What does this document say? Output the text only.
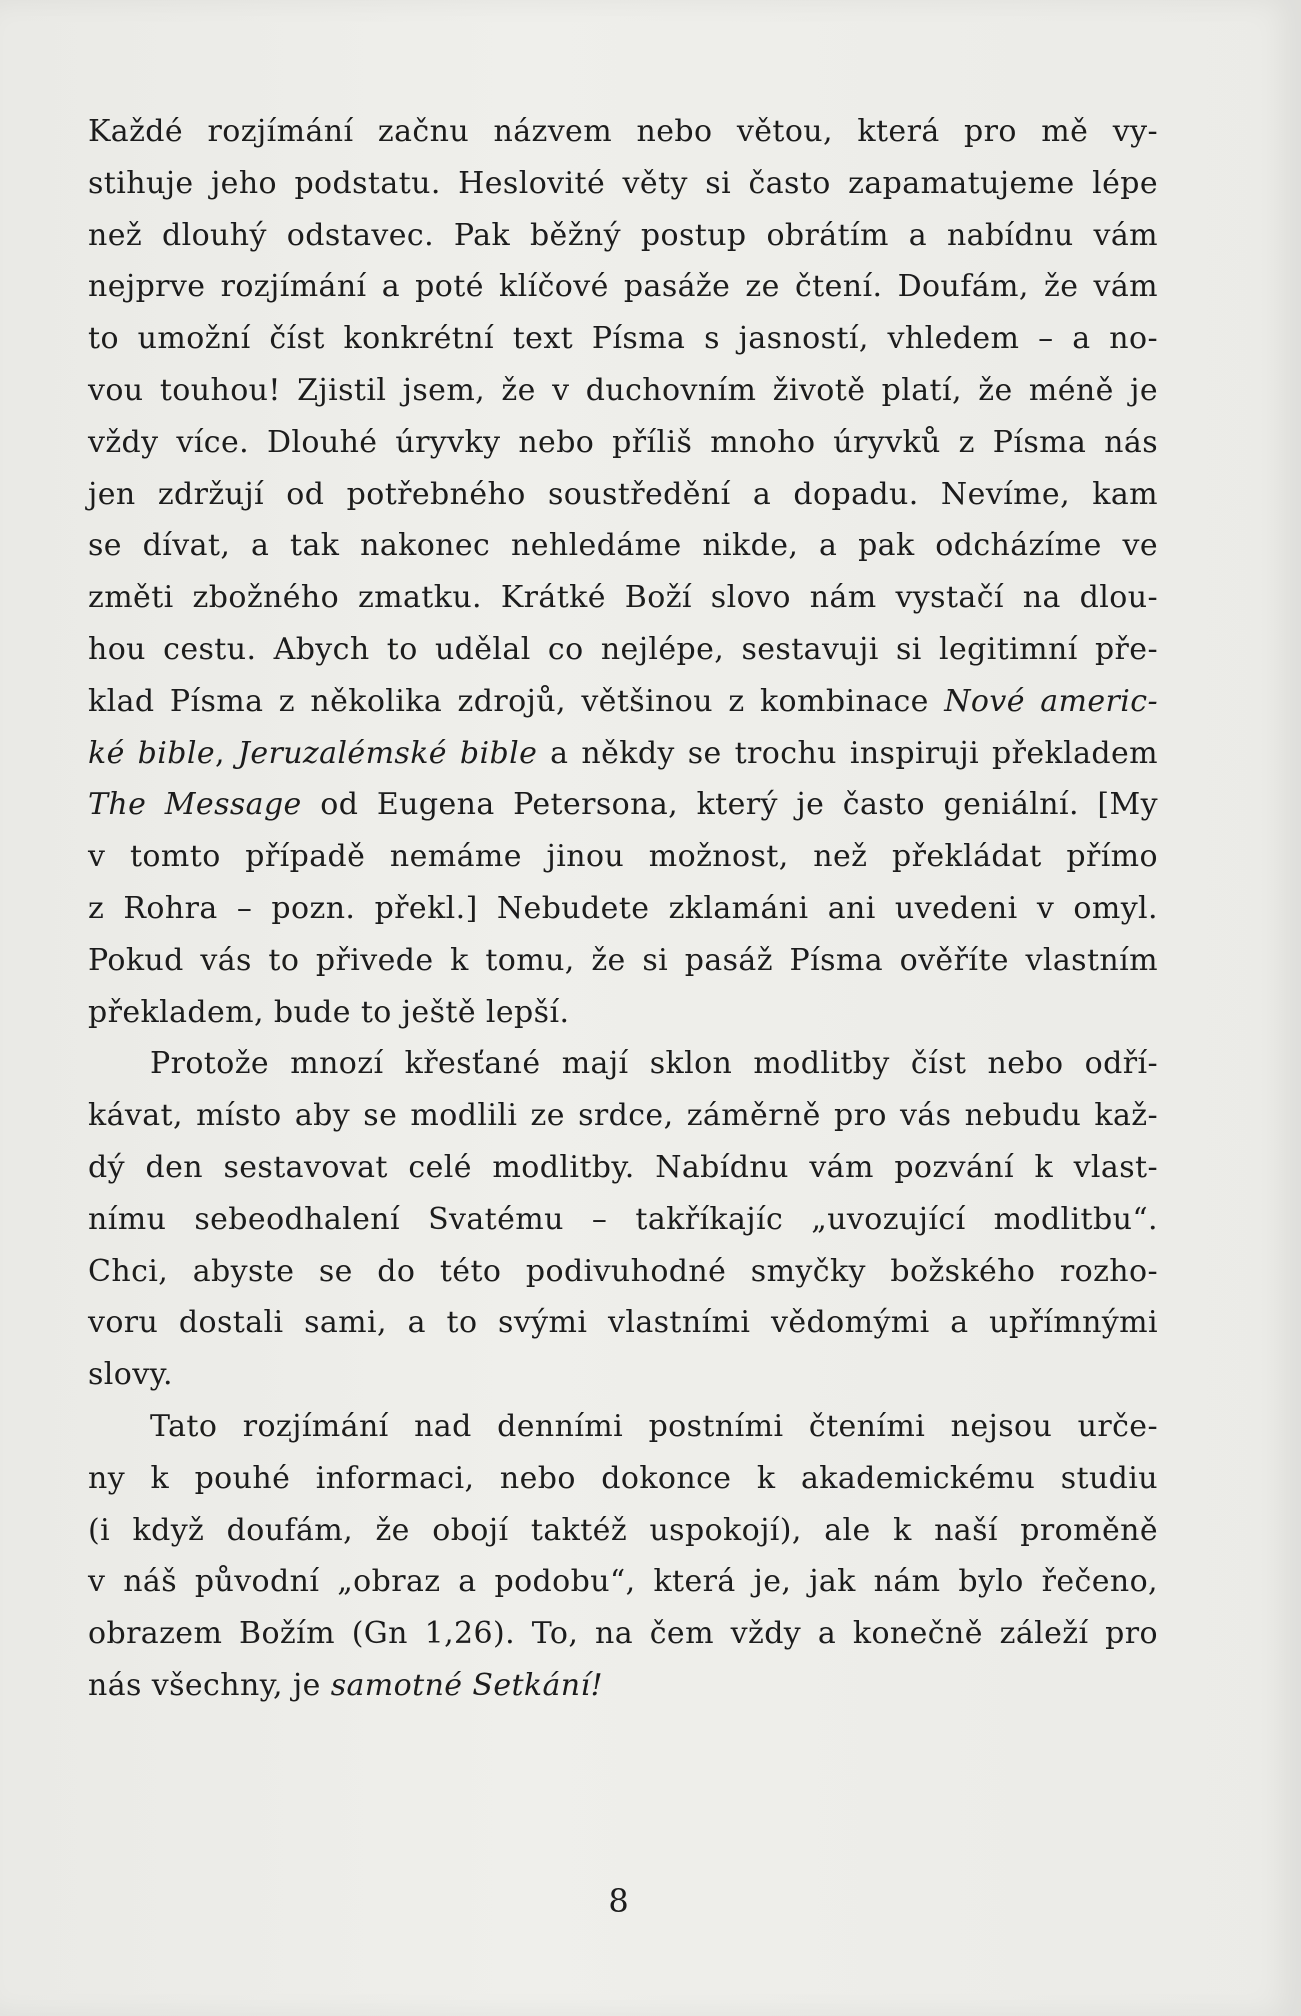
Každé rozjímání začnu názvem nebo větou, která pro mě vy-
stihuje jeho podstatu. Heslovité věty si často zapamatujeme lépe
než dlouhý odstavec. Pak běžný postup obrátím a nabídnu vám
nejprve rozjímání a poté klíčové pasáže ze čtení. Doufám, že vám
to umožní číst konkrétní text Písma s jasností, vhledem – a no-
vou touhou! Zjistil jsem, že v duchovním životě platí, že méně je
vždy více. Dlouhé úryvky nebo příliš mnoho úryvků z Písma nás
jen zdržují od potřebného soustředění a dopadu. Nevíme, kam
se dívat, a tak nakonec nehledáme nikde, a pak odcházíme ve
změti zbožného zmatku. Krátké Boží slovo nám vystačí na dlou-
hou cestu. Abych to udělal co nejlépe, sestavuji si legitimní pře-
klad Písma z několika zdrojů, většinou z kombinace Nové americ-
ké bible, Jeruzalémské bible a někdy se trochu inspiruji překladem
The Message od Eugena Petersona, který je často geniální. [My
v tomto případě nemáme jinou možnost, než překládat přímo
z Rohra – pozn. překl.] Nebudete zklamáni ani uvedeni v omyl.
Pokud vás to přivede k tomu, že si pasáž Písma ověříte vlastním
překladem, bude to ještě lepší.
Protože mnozí křesťané mají sklon modlitby číst nebo odří-
kávat, místo aby se modlili ze srdce, záměrně pro vás nebudu kaž-
dý den sestavovat celé modlitby. Nabídnu vám pozvání k vlast-
nímu sebeodhalení Svatému – takříkajíc „uvozující modlitbu“.
Chci, abyste se do této podivuhodné smyčky božského rozho-
voru dostali sami, a to svými vlastními vědomými a upřímnými
slovy.
Tato rozjímání nad denními postními čteními nejsou urče-
ny k pouhé informaci, nebo dokonce k akademickému studiu
(i když doufám, že obojí taktéž uspokojí), ale k naší proměně
v náš původní „obraz a podobu“, která je, jak nám bylo řečeno,
obrazem Božím (Gn 1,26). To, na čem vždy a konečně záleží pro
nás všechny, je samotné Setkání!
8
